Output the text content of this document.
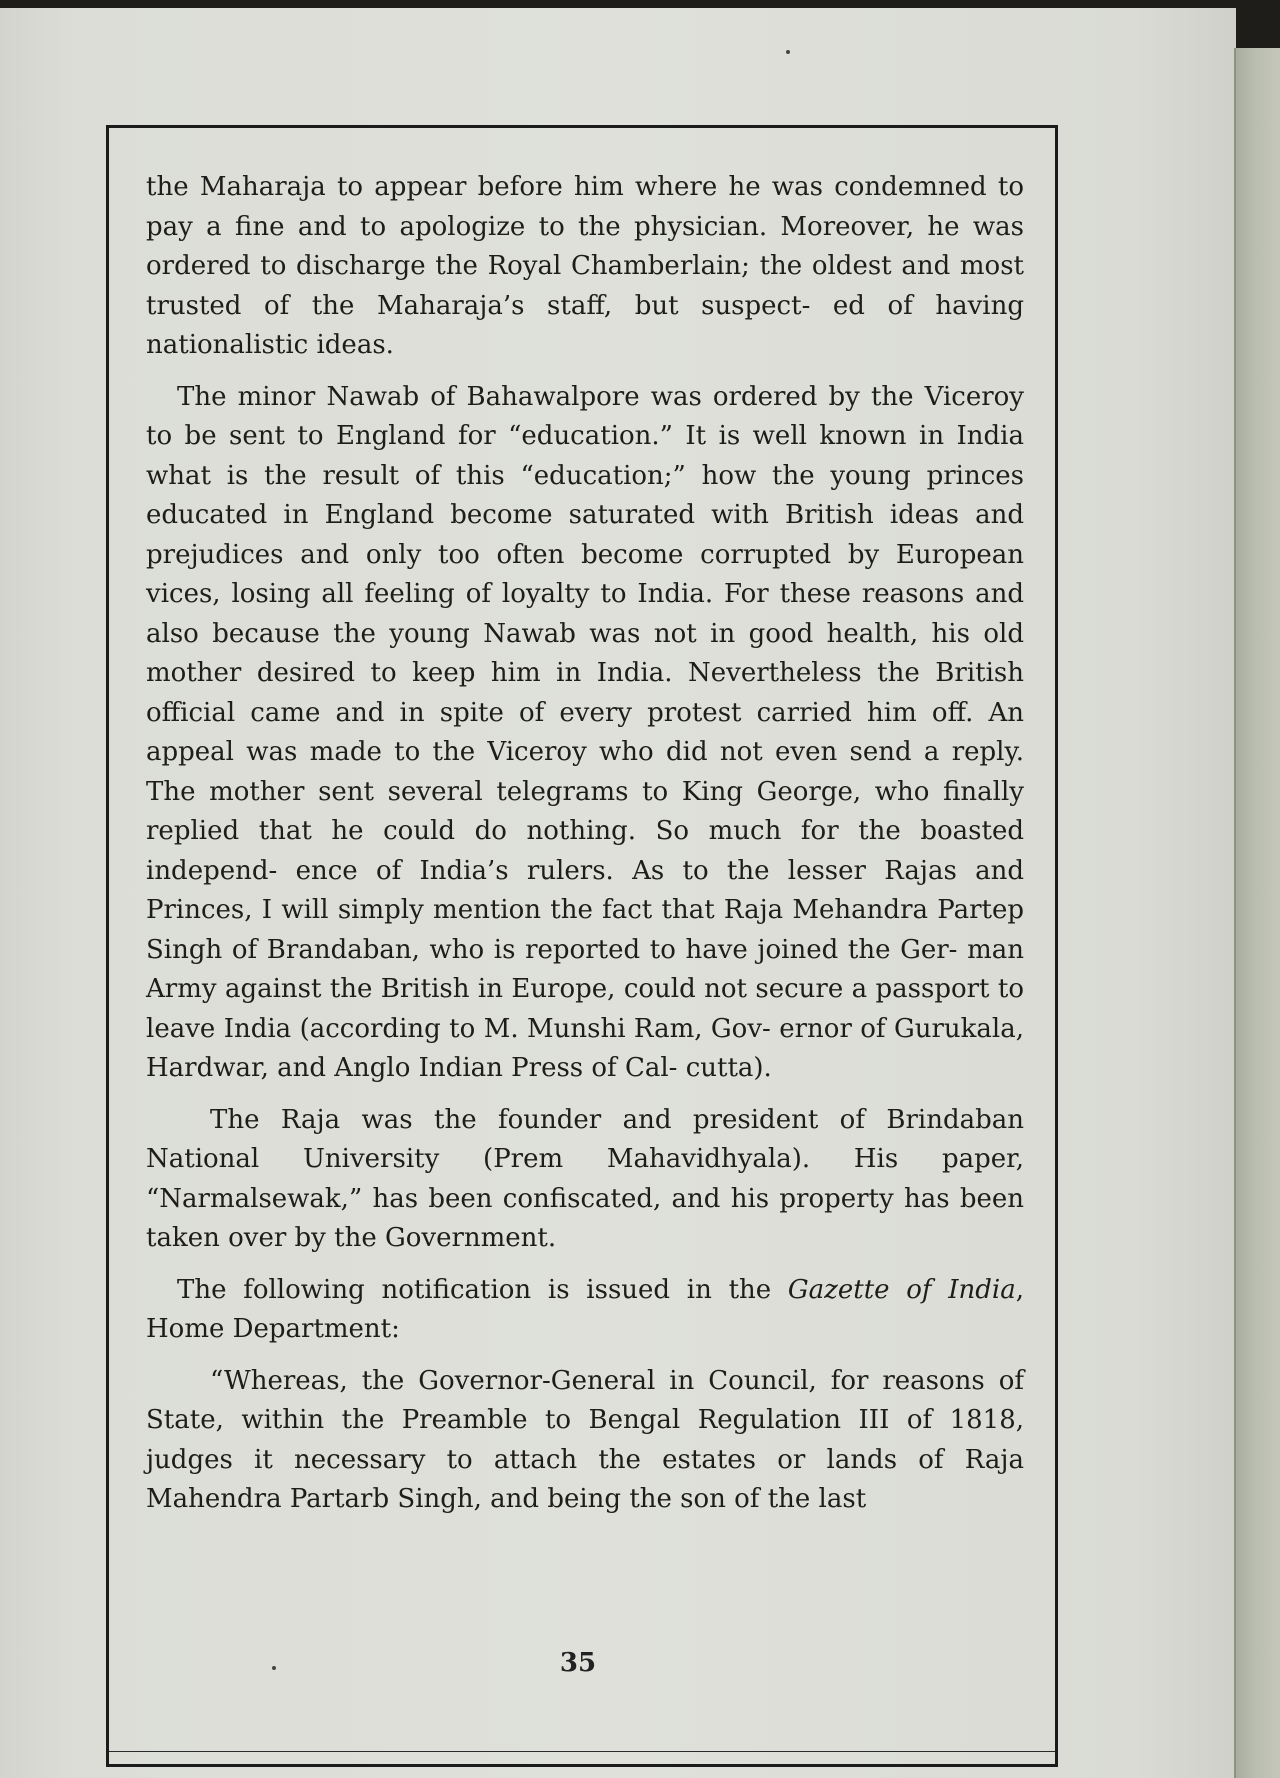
the Maharaja to appear before him where he was condemned to pay a fine and to apologize to the physician. Moreover, he was ordered to discharge the Royal Chamberlain; the oldest and most trusted of the Maharaja’s staff, but suspect- ed of having nationalistic ideas.

The minor Nawab of Bahawalpore was ordered by the Viceroy to be sent to England for “education.” It is well known in India what is the result of this “education;” how the young princes educated in England become saturated with British ideas and prejudices and only too often become corrupted by European vices, losing all feeling of loyalty to India. For these reasons and also because the young Nawab was not in good health, his old mother desired to keep him in India. Nevertheless the British official came and in spite of every protest carried him off. An appeal was made to the Viceroy who did not even send a reply. The mother sent several telegrams to King George, who finally replied that he could do nothing. So much for the boasted independ- ence of India’s rulers. As to the lesser Rajas and Princes, I will simply mention the fact that Raja Mehandra Partep Singh of Brandaban, who is reported to have joined the Ger- man Army against the British in Europe, could not secure a passport to leave India (according to M. Munshi Ram, Gov- ernor of Gurukala, Hardwar, and Anglo Indian Press of Cal- cutta).

The Raja was the founder and president of Brindaban National University (Prem Mahavidhyala). His paper, “Narmalsewak,” has been confiscated, and his property has been taken over by the Government.

The following notification is issued in the Gazette of India, Home Department:

“Whereas, the Governor-General in Council, for reasons of State, within the Preamble to Bengal Regulation III of 1818, judges it necessary to attach the estates or lands of Raja Mahendra Partarb Singh, and being the son of the last

35
